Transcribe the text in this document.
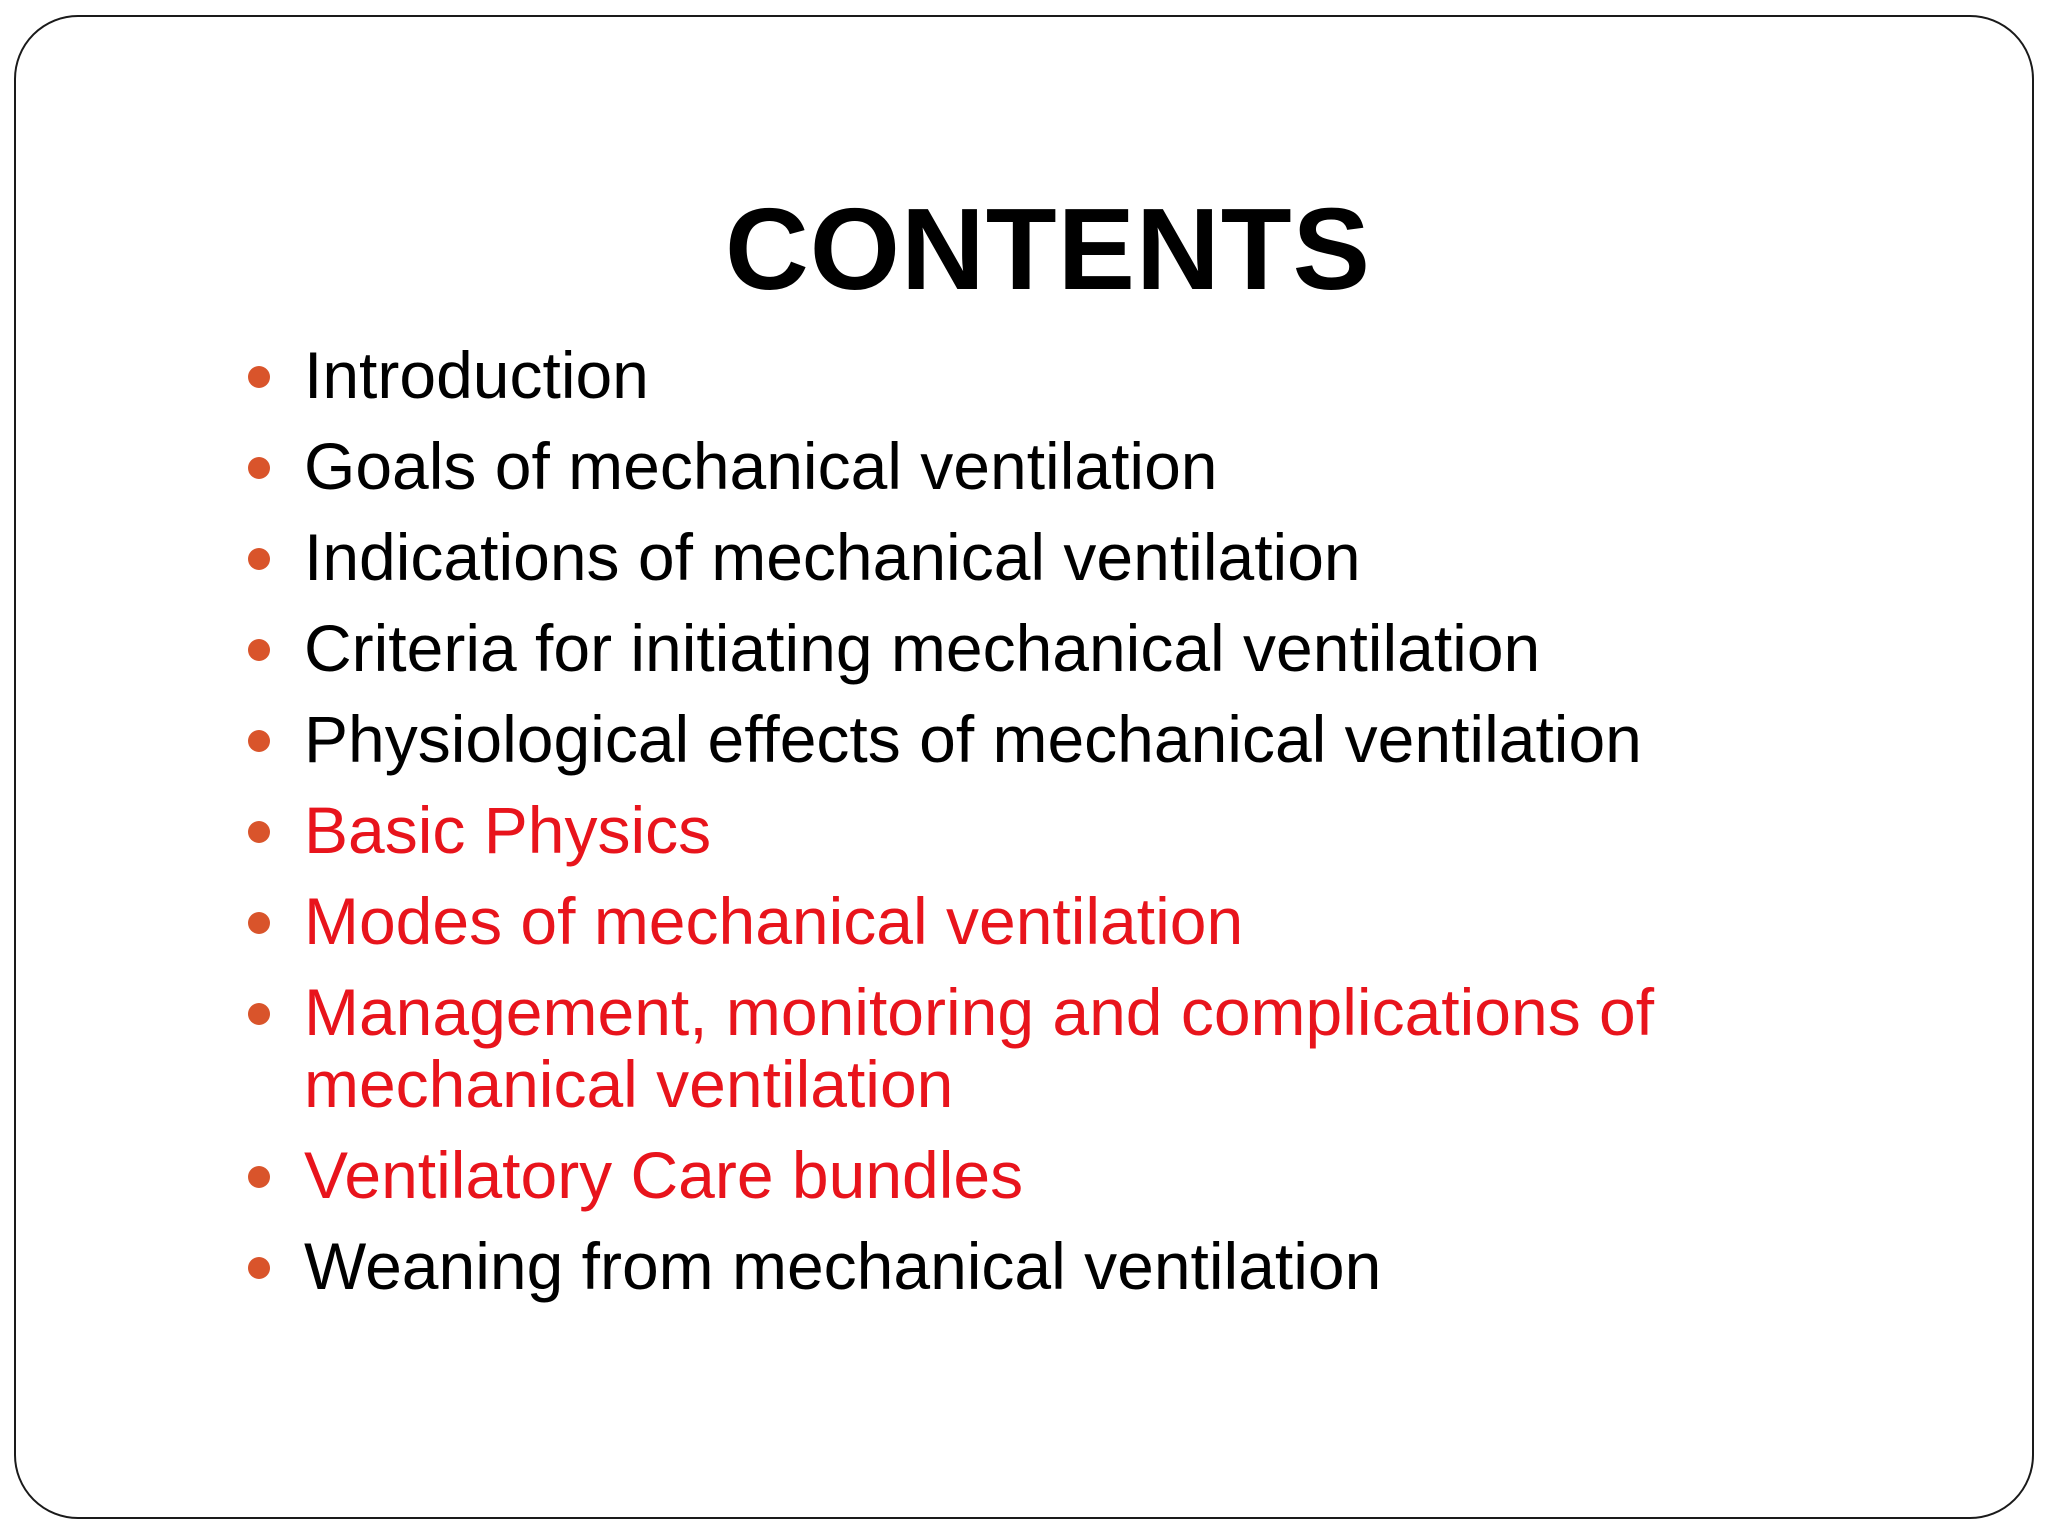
CONTENTS
Introduction
Goals of mechanical ventilation
Indications of mechanical ventilation
Criteria for initiating mechanical ventilation
Physiological effects of mechanical ventilation
Basic Physics
Modes of mechanical ventilation
Management, monitoring and complications of mechanical ventilation
Ventilatory Care bundles
Weaning from mechanical ventilation
